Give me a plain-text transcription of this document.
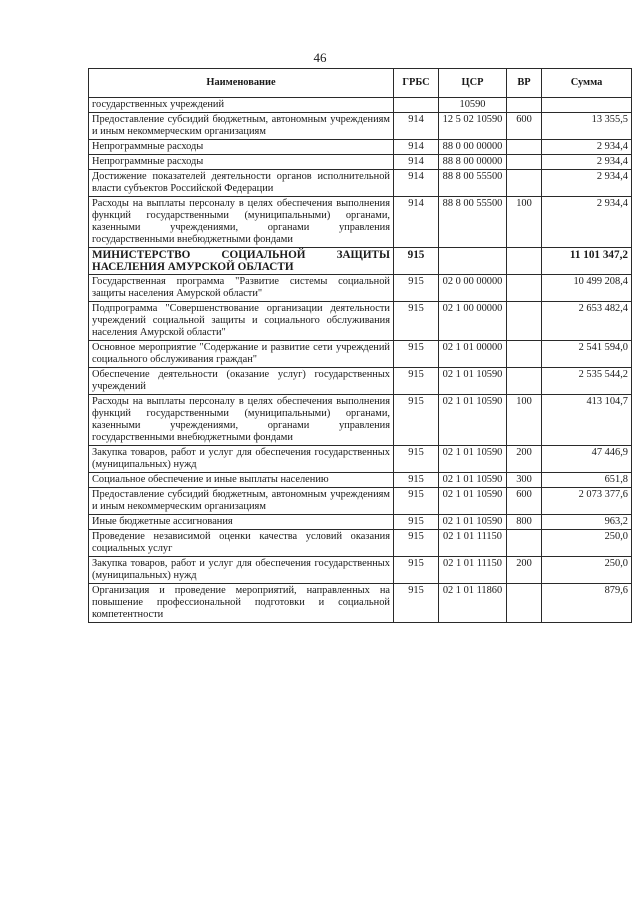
46
Наименование	ГРБС	ЦСР	ВР	Сумма
государственных учреждений		10590		
Предоставление субсидий бюджетным, автономным учреждениям и иным некоммерческим организациям	914	12 5 02 10590	600	13 355,5
Непрограммные расходы	914	88 0 00 00000		2 934,4
Непрограммные расходы	914	88 8 00 00000		2 934,4
Достижение показателей деятельности органов исполнительной власти субъектов Российской Федерации	914	88 8 00 55500		2 934,4
Расходы на выплаты персоналу в целях обеспечения выполнения функций государственными (муниципальными) органами, казенными учреждениями, органами управления государственными внебюджетными фондами	914	88 8 00 55500	100	2 934,4
МИНИСТЕРСТВО СОЦИАЛЬНОЙ ЗАЩИТЫ НАСЕЛЕНИЯ АМУРСКОЙ ОБЛАСТИ	915			11 101 347,2
Государственная программа "Развитие системы социальной защиты населения Амурской области"	915	02 0 00 00000		10 499 208,4
Подпрограмма "Совершенствование организации деятельности учреждений социальной защиты и социального обслуживания населения Амурской области"	915	02 1 00 00000		2 653 482,4
Основное мероприятие "Содержание и развитие сети учреждений социального обслуживания граждан"	915	02 1 01 00000		2 541 594,0
Обеспечение деятельности (оказание услуг) государственных учреждений	915	02 1 01 10590		2 535 544,2
Расходы на выплаты персоналу в целях обеспечения выполнения функций государственными (муниципальными) органами, казенными учреждениями, органами управления государственными внебюджетными фондами	915	02 1 01 10590	100	413 104,7
Закупка товаров, работ и услуг для обеспечения государственных (муниципальных) нужд	915	02 1 01 10590	200	47 446,9
Социальное обеспечение и иные выплаты населению	915	02 1 01 10590	300	651,8
Предоставление субсидий бюджетным, автономным учреждениям и иным некоммерческим организациям	915	02 1 01 10590	600	2 073 377,6
Иные бюджетные ассигнования	915	02 1 01 10590	800	963,2
Проведение независимой оценки качества условий оказания социальных услуг	915	02 1 01 11150		250,0
Закупка товаров, работ и услуг для обеспечения государственных (муниципальных) нужд	915	02 1 01 11150	200	250,0
Организация и проведение мероприятий, направленных на повышение профессиональной подготовки и социальной компетентности	915	02 1 01 11860		879,6
